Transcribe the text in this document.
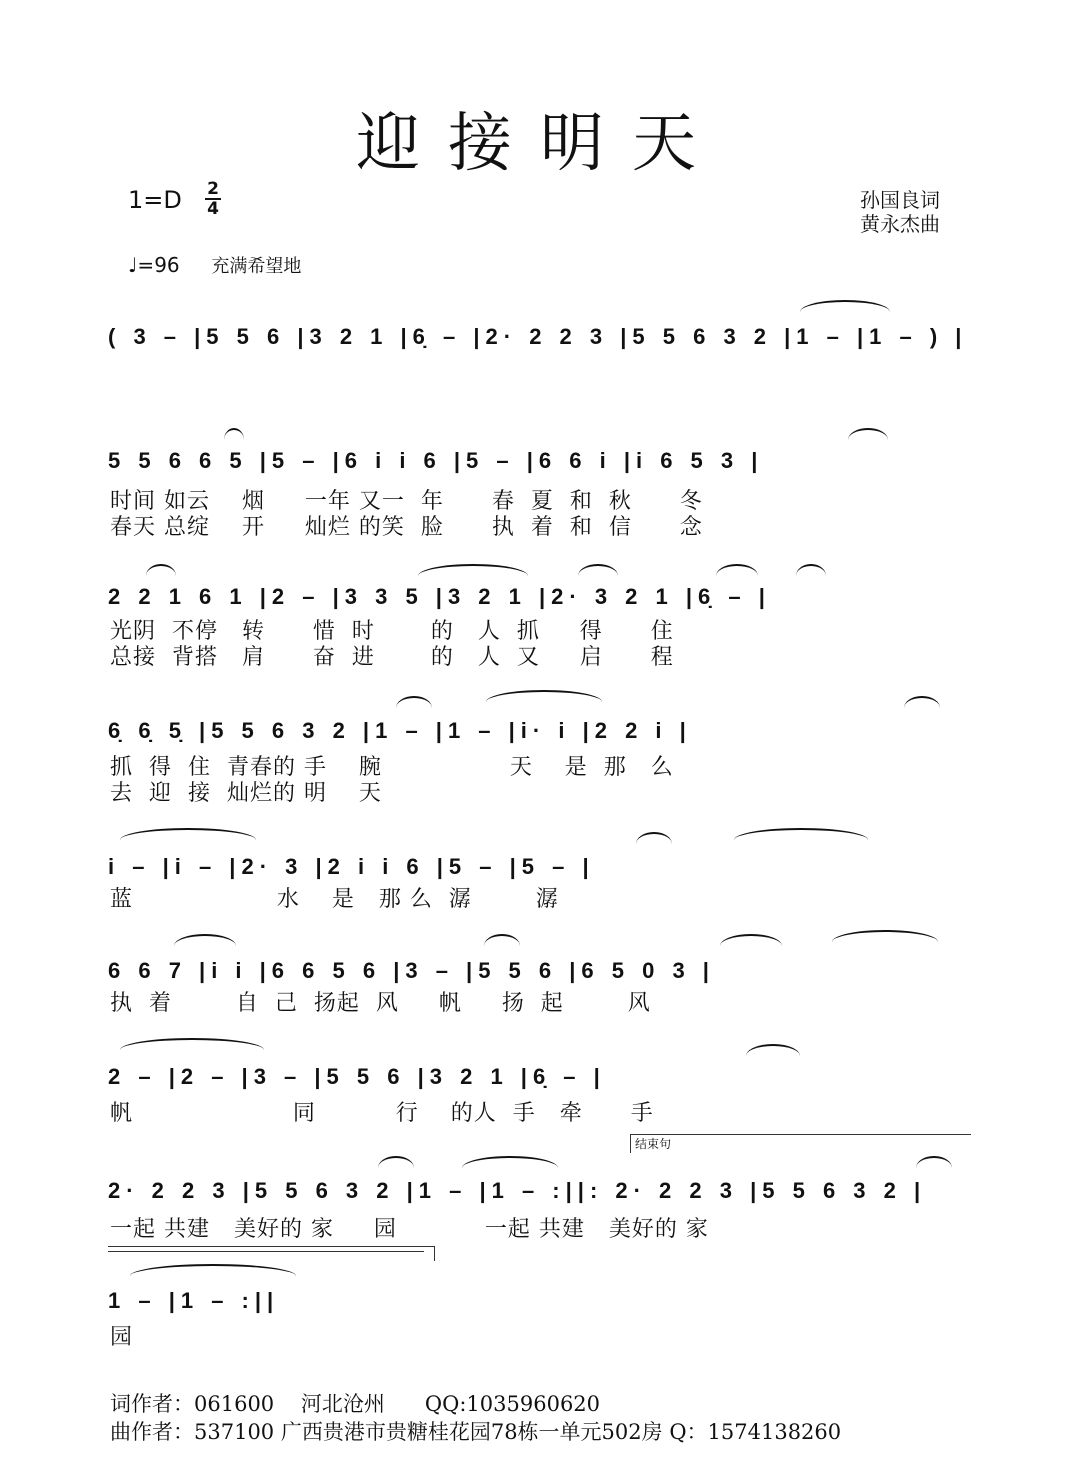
迎接明天
1=D 2
4	孙国良词
黄永杰曲
♩=96 充满希望地
( 3 – |5 5 6 |3 2 1 |6̣ – |2· 2 2 3 |5 5 6 3 2 |1 – |1 – ) |
5 5 6 6 5 |5 – |6 i i 6 |5 – |6 6 i |i 6 5 3 |
时间 如云    烟     一年 又一  年      春  夏  和  秋      冬
春天 总绽    开     灿烂 的笑  脸      执  着  和  信      念
2 2 1 6 1 |2 – |3 3 5 |3 2 1 |2· 3 2 1 |6̣ – |
光阴  不停   转      惜  时       的   人  抓     得      住
总接  背搭   肩      奋  进       的   人  又     启      程
6̣ 6̣ 5̣ |5 5 6 3 2 |1 – |1 – |i· i |2 2 i |
抓  得  住  青春的 手    腕                天    是  那   么
去  迎  接  灿烂的 明    天
i – |i – |2· 3 |2 i i 6 |5 – |5 – |
蓝                  水    是   那 么  潺        潺
6 6 7 |i i |6 6 5 6 |3 – |5 5 6 |6 5 0 3 |
执  着        自  己  扬起  风     帆     扬  起        风
2 – |2 – |3 – |5 5 6 |3 2 1 |6̣ – |
帆                    同          行    的人  手   牵      手
结束句
2· 2 2 3 |5 5 6 3 2 |1 – |1 – :||: 2· 2 2 3 |5 5 6 3 2 |
一起 共建   美好的 家     园           一起 共建   美好的 家
1 – |1 – :||
园
词作者：061600    河北沧州      QQ:1035960620
曲作者：537100 广西贵港市贵糖桂花园78栋一单元502房 Q：1574138260
